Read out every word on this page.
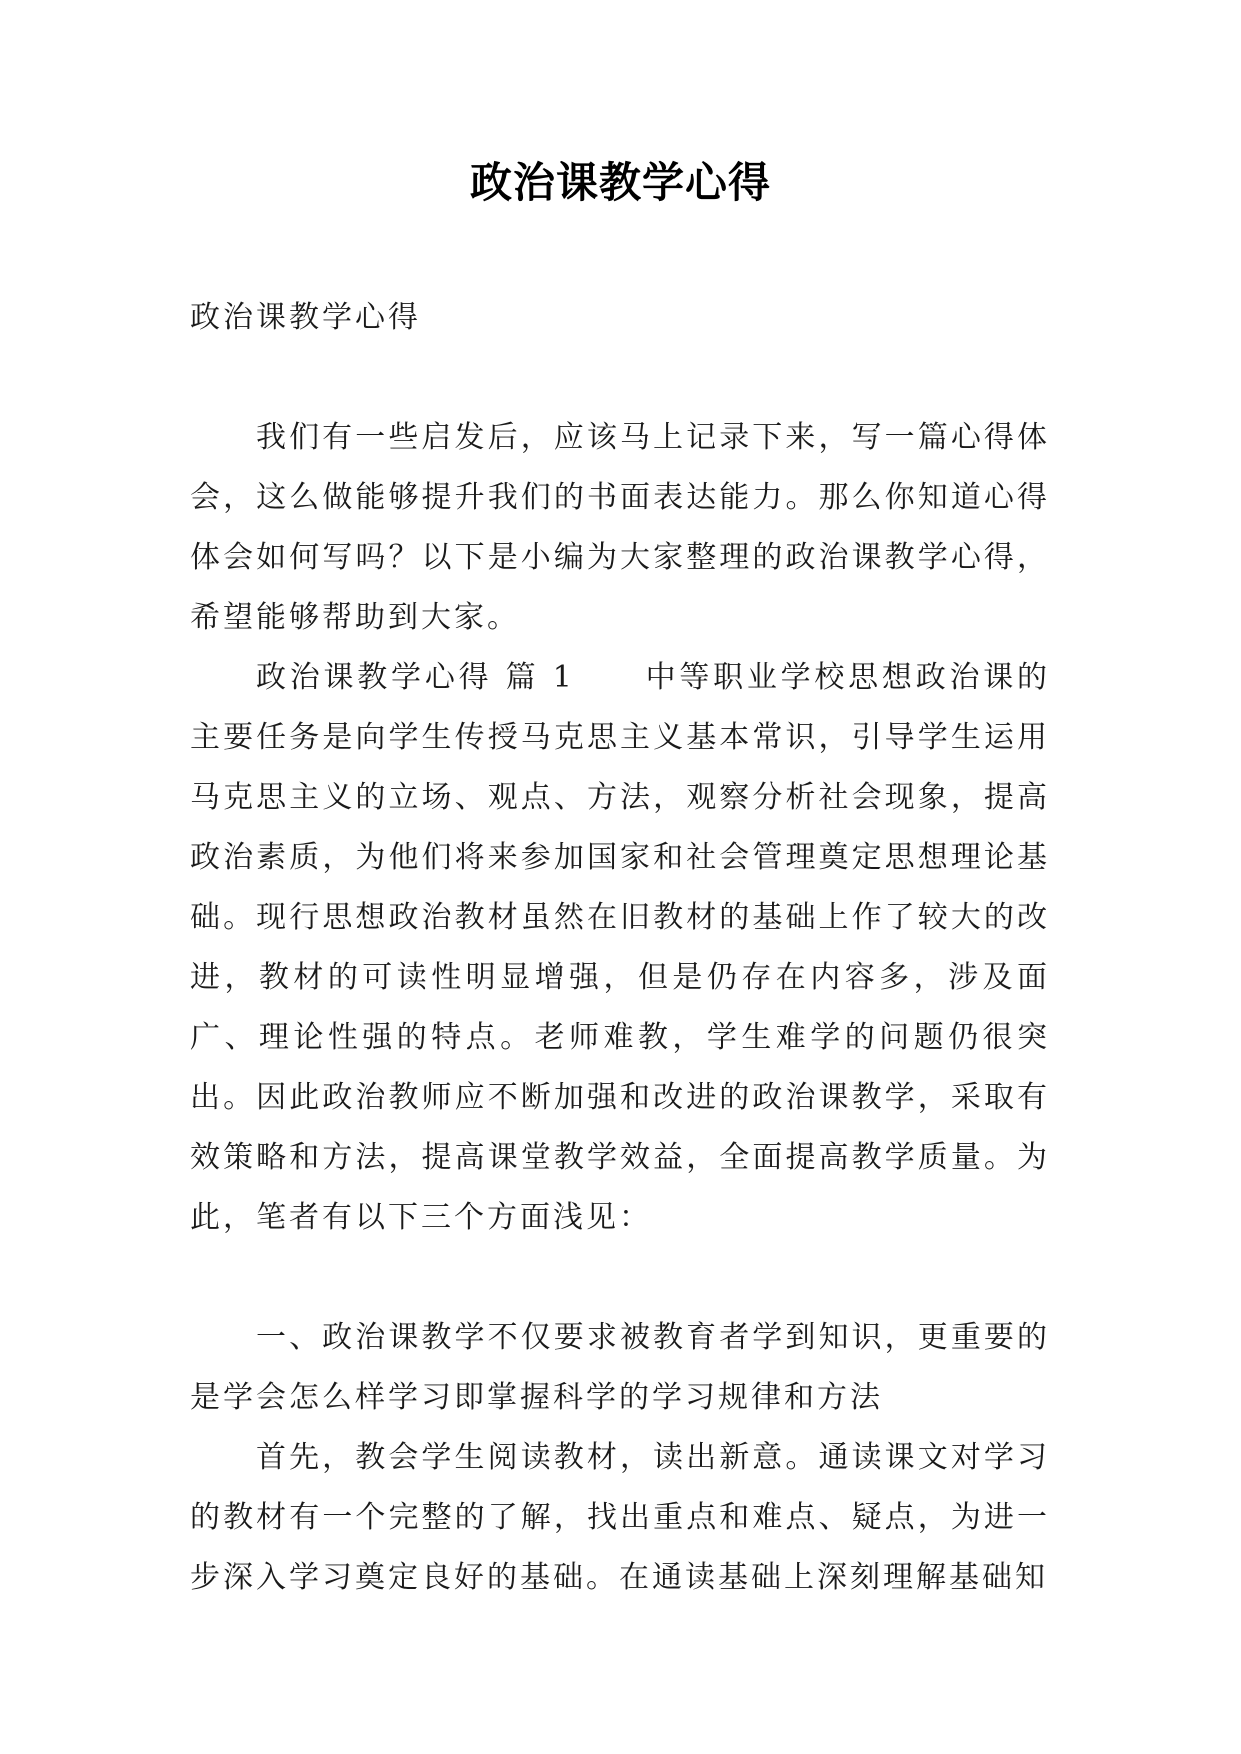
政治课教学心得

政治课教学心得

我们有一些启发后，应该马上记录下来，写一篇心得体会，这么做能够提升我们的书面表达能力。那么你知道心得体会如何写吗？以下是小编为大家整理的政治课教学心得，希望能够帮助到大家。

政治课教学心得 篇 1 中等职业学校思想政治课的主要任务是向学生传授马克思主义基本常识，引导学生运用马克思主义的立场、观点、方法，观察分析社会现象，提高政治素质，为他们将来参加国家和社会管理奠定思想理论基础。现行思想政治教材虽然在旧教材的基础上作了较大的改进，教材的可读性明显增强，但是仍存在内容多，涉及面广、理论性强的特点。老师难教，学生难学的问题仍很突出。因此政治教师应不断加强和改进的政治课教学，采取有效策略和方法，提高课堂教学效益，全面提高教学质量。为此，笔者有以下三个方面浅见：

一、政治课教学不仅要求被教育者学到知识，更重要的是学会怎么样学习即掌握科学的学习规律和方法

首先，教会学生阅读教材，读出新意。通读课文对学习的教材有一个完整的了解，找出重点和难点、疑点，为进一步深入学习奠定良好的基础。在通读基础上深刻理解基础知
